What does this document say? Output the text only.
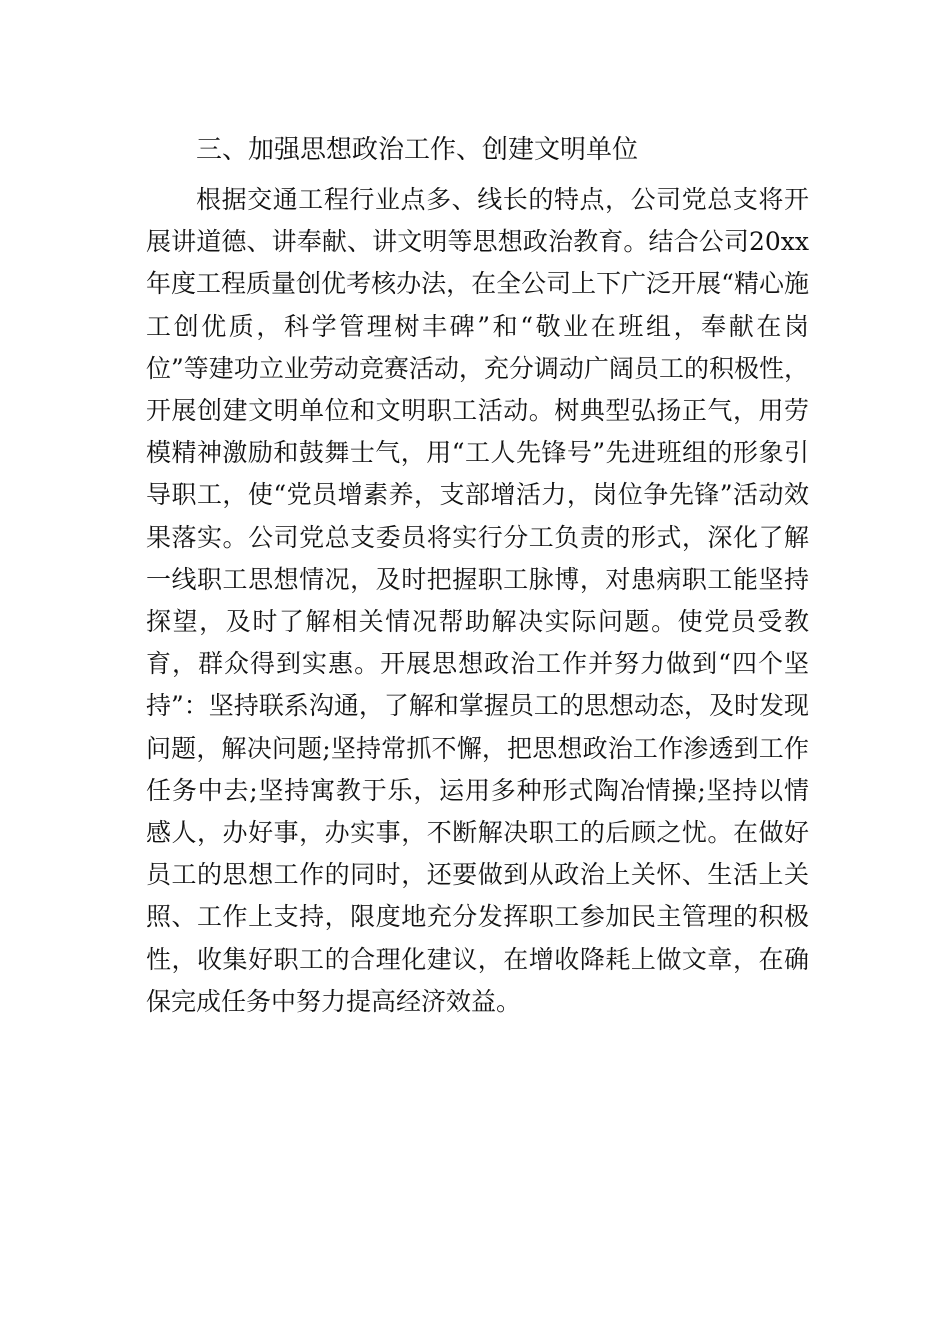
三、加强思想政治工作、创建文明单位

根据交通工程行业点多、线长的特点，公司党总支将开展讲道德、讲奉献、讲文明等思想政治教育。结合公司20xx年度工程质量创优考核办法，在全公司上下广泛开展“精心施工创优质，科学管理树丰碑”和“敬业在班组，奉献在岗位”等建功立业劳动竞赛活动，充分调动广阔员工的积极性，开展创建文明单位和文明职工活动。树典型弘扬正气，用劳模精神激励和鼓舞士气，用“工人先锋号”先进班组的形象引导职工，使“党员增素养，支部增活力，岗位争先锋”活动效果落实。公司党总支委员将实行分工负责的形式，深化了解一线职工思想情况，及时把握职工脉博，对患病职工能坚持探望，及时了解相关情况帮助解决实际问题。使党员受教育，群众得到实惠。开展思想政治工作并努力做到“四个坚持”：坚持联系沟通，了解和掌握员工的思想动态，及时发现问题，解决问题;坚持常抓不懈，把思想政治工作渗透到工作任务中去;坚持寓教于乐，运用多种形式陶冶情操;坚持以情感人，办好事，办实事，不断解决职工的后顾之忧。在做好员工的思想工作的同时，还要做到从政治上关怀、生活上关照、工作上支持，限度地充分发挥职工参加民主管理的积极性，收集好职工的合理化建议，在增收降耗上做文章，在确保完成任务中努力提高经济效益。
